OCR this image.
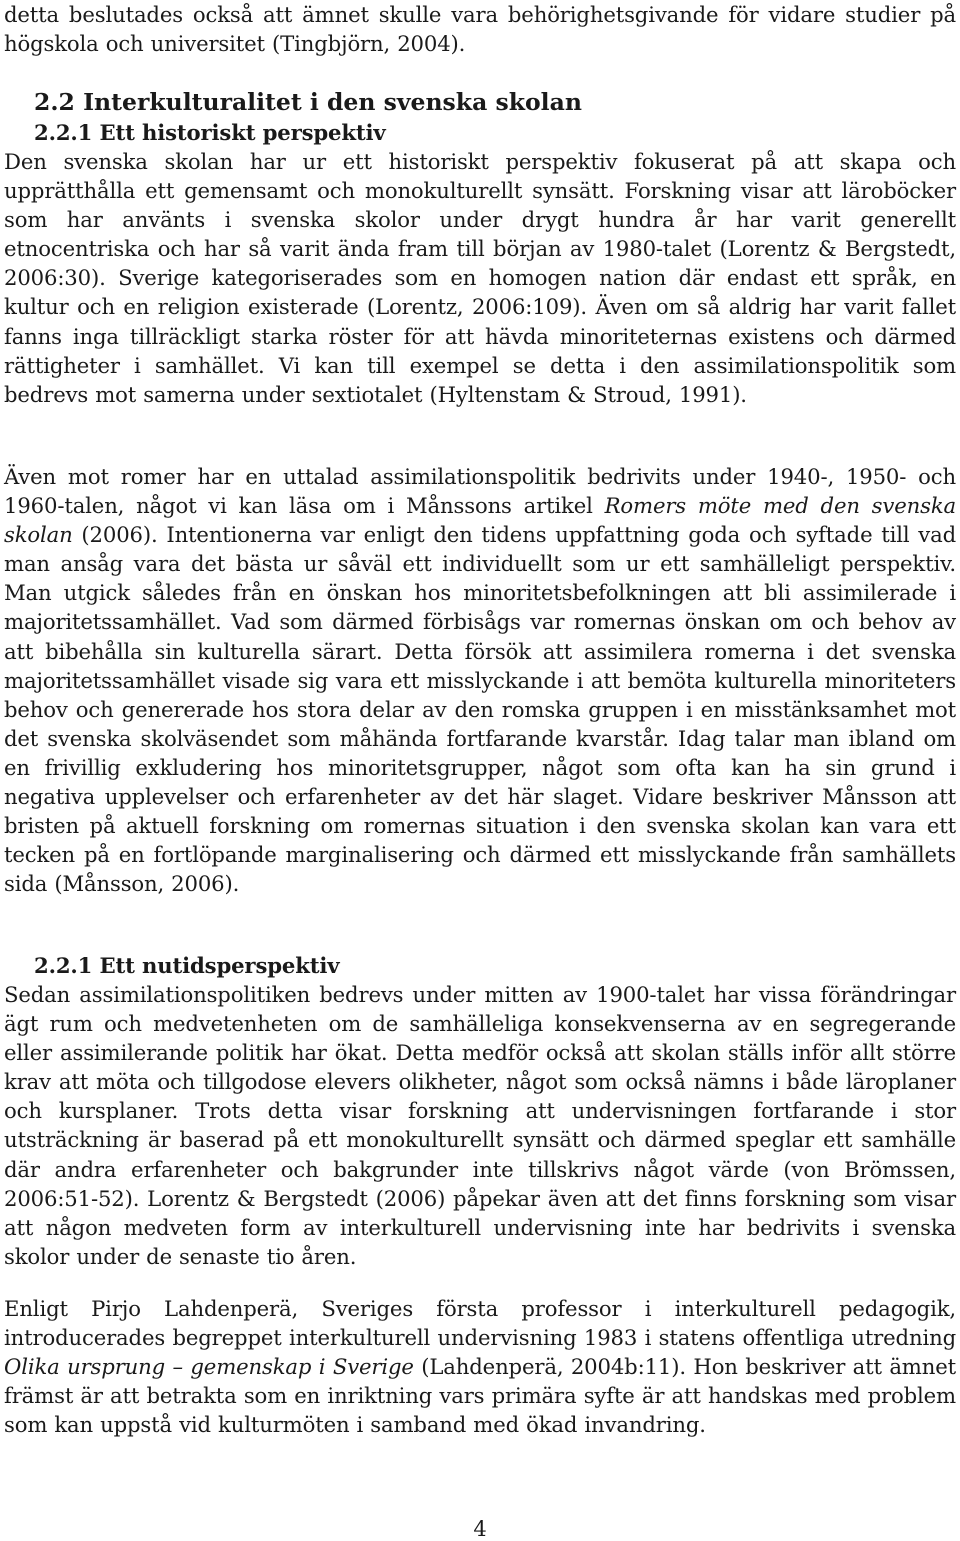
detta beslutades också att ämnet skulle vara behörighetsgivande för vidare studier på högskola och universitet (Tingbjörn, 2004).

2.2 Interkulturalitet i den svenska skolan
2.2.1 Ett historiskt perspektiv

Den svenska skolan har ur ett historiskt perspektiv fokuserat på att skapa och upprätthålla ett gemensamt och monokulturellt synsätt. Forskning visar att läroböcker som har använts i svenska skolor under drygt hundra år har varit generellt etnocentriska och har så varit ända fram till början av 1980-talet (Lorentz & Bergstedt, 2006:30). Sverige kategoriserades som en homogen nation där endast ett språk, en kultur och en religion existerade (Lorentz, 2006:109). Även om så aldrig har varit fallet fanns inga tillräckligt starka röster för att hävda minoriteternas existens och därmed rättigheter i samhället. Vi kan till exempel se detta i den assimilationspolitik som bedrevs mot samerna under sextiotalet (Hyltenstam & Stroud, 1991).

Även mot romer har en uttalad assimilationspolitik bedrivits under 1940-, 1950- och 1960-talen, något vi kan läsa om i Månssons artikel Romers möte med den svenska skolan (2006). Intentionerna var enligt den tidens uppfattning goda och syftade till vad man ansåg vara det bästa ur såväl ett individuellt som ur ett samhälleligt perspektiv. Man utgick således från en önskan hos minoritetsbefolkningen att bli assimilerade i majoritetssamhället. Vad som därmed förbisågs var romernas önskan om och behov av att bibehålla sin kulturella särart. Detta försök att assimilera romerna i det svenska majoritetssamhället visade sig vara ett misslyckande i att bemöta kulturella minoriteters behov och genererade hos stora delar av den romska gruppen i en misstänksamhet mot det svenska skolväsendet som måhända fortfarande kvarstår. Idag talar man ibland om en frivillig exkludering hos minoritetsgrupper, något som ofta kan ha sin grund i negativa upplevelser och erfarenheter av det här slaget. Vidare beskriver Månsson att bristen på aktuell forskning om romernas situation i den svenska skolan kan vara ett tecken på en fortlöpande marginalisering och därmed ett misslyckande från samhällets sida (Månsson, 2006).

2.2.1 Ett nutidsperspektiv

Sedan assimilationspolitiken bedrevs under mitten av 1900-talet har vissa förändringar ägt rum och medvetenheten om de samhälleliga konsekvenserna av en segregerande eller assimilerande politik har ökat. Detta medför också att skolan ställs inför allt större krav att möta och tillgodose elevers olikheter, något som också nämns i både läroplaner och kursplaner. Trots detta visar forskning att undervisningen fortfarande i stor utsträckning är baserad på ett monokulturellt synsätt och därmed speglar ett samhälle där andra erfarenheter och bakgrunder inte tillskrivs något värde (von Brömssen, 2006:51-52). Lorentz & Bergstedt (2006) påpekar även att det finns forskning som visar att någon medveten form av interkulturell undervisning inte har bedrivits i svenska skolor under de senaste tio åren.

Enligt Pirjo Lahdenperä, Sveriges första professor i interkulturell pedagogik, introducerades begreppet interkulturell undervisning 1983 i statens offentliga utredning Olika ursprung – gemenskap i Sverige (Lahdenperä, 2004b:11). Hon beskriver att ämnet främst är att betrakta som en inriktning vars primära syfte är att handskas med problem som kan uppstå vid kulturmöten i samband med ökad invandring.

4
